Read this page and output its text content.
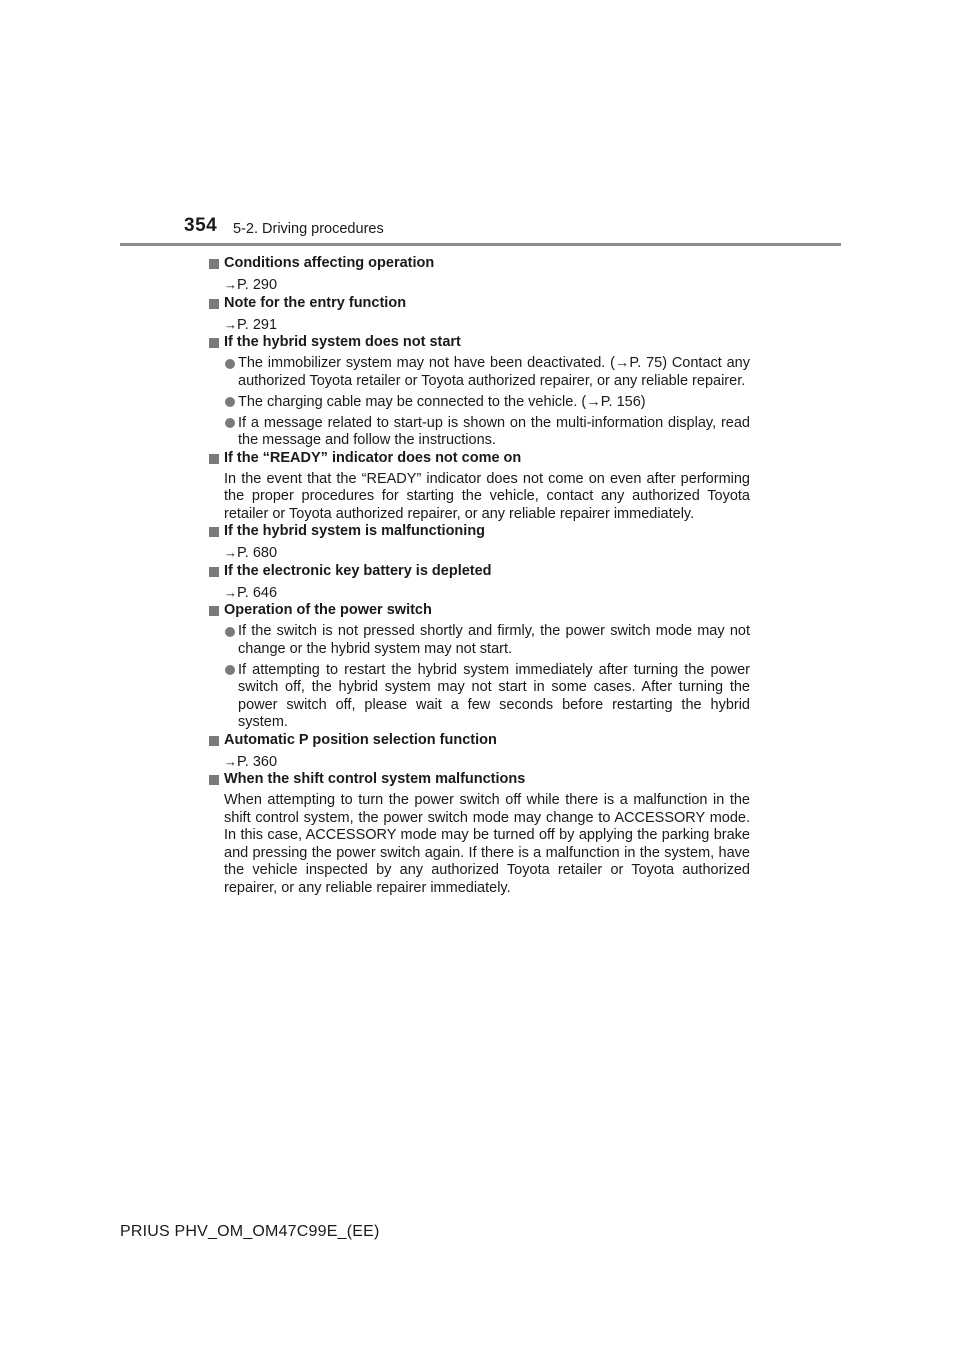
354 5-2. Driving procedures
Conditions affecting operation
→P. 290
Note for the entry function
→P. 291
If the hybrid system does not start
The immobilizer system may not have been deactivated. (→P. 75) Contact any authorized Toyota retailer or Toyota authorized repairer, or any reliable repairer.
The charging cable may be connected to the vehicle. (→P. 156)
If a message related to start-up is shown on the multi-information display, read the message and follow the instructions.
If the “READY” indicator does not come on
In the event that the “READY” indicator does not come on even after performing the proper procedures for starting the vehicle, contact any authorized Toyota retailer or Toyota authorized repairer, or any reliable repairer immediately.
If the hybrid system is malfunctioning
→P. 680
If the electronic key battery is depleted
→P. 646
Operation of the power switch
If the switch is not pressed shortly and firmly, the power switch mode may not change or the hybrid system may not start.
If attempting to restart the hybrid system immediately after turning the power switch off, the hybrid system may not start in some cases. After turning the power switch off, please wait a few seconds before restarting the hybrid system.
Automatic P position selection function
→P. 360
When the shift control system malfunctions
When attempting to turn the power switch off while there is a malfunction in the shift control system, the power switch mode may change to ACCESSORY mode. In this case, ACCESSORY mode may be turned off by applying the parking brake and pressing the power switch again. If there is a malfunction in the system, have the vehicle inspected by any authorized Toyota retailer or Toyota authorized repairer, or any reliable repairer immediately.
PRIUS PHV_OM_OM47C99E_(EE)
